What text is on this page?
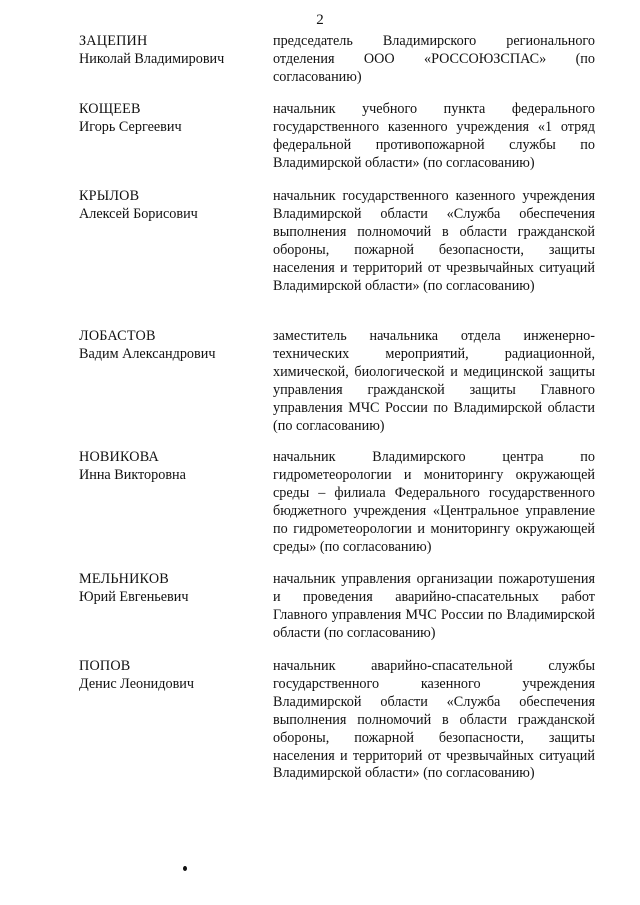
2
ЗАЦЕПИН
Николай Владимирович
председатель Владимирского регионального отделения ООО «РОССОЮЗСПАС» (по согласованию)
КОЩЕЕВ
Игорь Сергеевич
начальник учебного пункта федерального государственного казенного учреждения «1 отряд федеральной противопожарной службы по Владимирской области» (по согласованию)
КРЫЛОВ
Алексей Борисович
начальник государственного казенного учреждения Владимирской области «Служба обеспечения выполнения полномочий в области гражданской обороны, пожарной безопасности, защиты населения и территорий от чрезвычайных ситуаций Владимирской области» (по согласованию)
ЛОБАСТОВ
Вадим Александрович
заместитель начальника отдела инженерно-технических мероприятий, радиационной, химической, биологической и медицинской защиты управления гражданской защиты Главного управления МЧС России по Владимирской области (по согласованию)
НОВИКОВА
Инна Викторовна
начальник Владимирского центра по гидрометеорологии и мониторингу окружающей среды – филиала Федерального государственного бюджетного учреждения «Центральное управление по гидрометеорологии и мониторингу окружающей среды» (по согласованию)
МЕЛЬНИКОВ
Юрий Евгеньевич
начальник управления организации пожаротушения и проведения аварийно-спасательных работ Главного управления МЧС России по Владимирской области (по согласованию)
ПОПОВ
Денис Леонидович
начальник аварийно-спасательной службы государственного казенного учреждения Владимирской области «Служба обеспечения выполнения полномочий в области гражданской обороны, пожарной безопасности, защиты населения и территорий от чрезвычайных ситуаций Владимирской области» (по согласованию)
